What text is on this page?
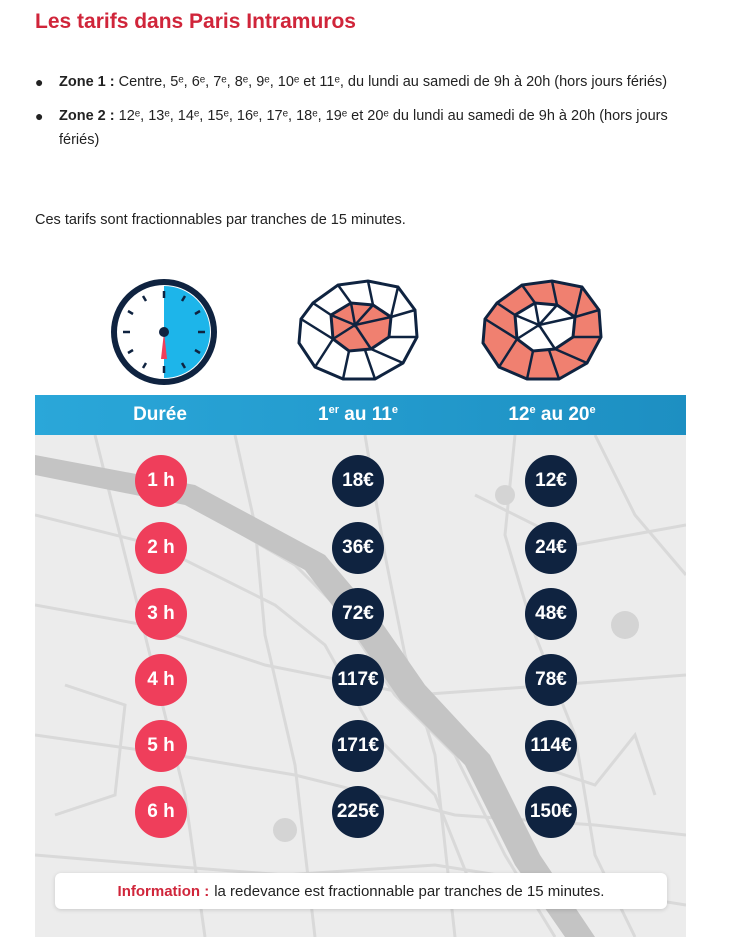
Les tarifs dans Paris Intramuros
● Zone 1 : Centre, 5ᵉ, 6ᵉ, 7ᵉ, 8ᵉ, 9ᵉ, 10ᵉ et 11ᵉ, du lundi au samedi de 9h à 20h (hors jours fériés)
● Zone 2 : 12ᵉ, 13ᵉ, 14ᵉ, 15ᵉ, 16ᵉ, 17ᵉ, 18ᵉ, 19ᵉ et 20ᵉ du lundi au samedi de 9h à 20h (hors jours fériés)

Ces tarifs sont fractionnables par tranches de 15 minutes.

Durée	1er au 11e	12e au 20e
1 h	18€	12€
2 h	36€	24€
3 h	72€	48€
4 h	117€	78€
5 h	171€	114€
6 h	225€	150€
Information : la redevance est fractionnable par tranches de 15 minutes.
